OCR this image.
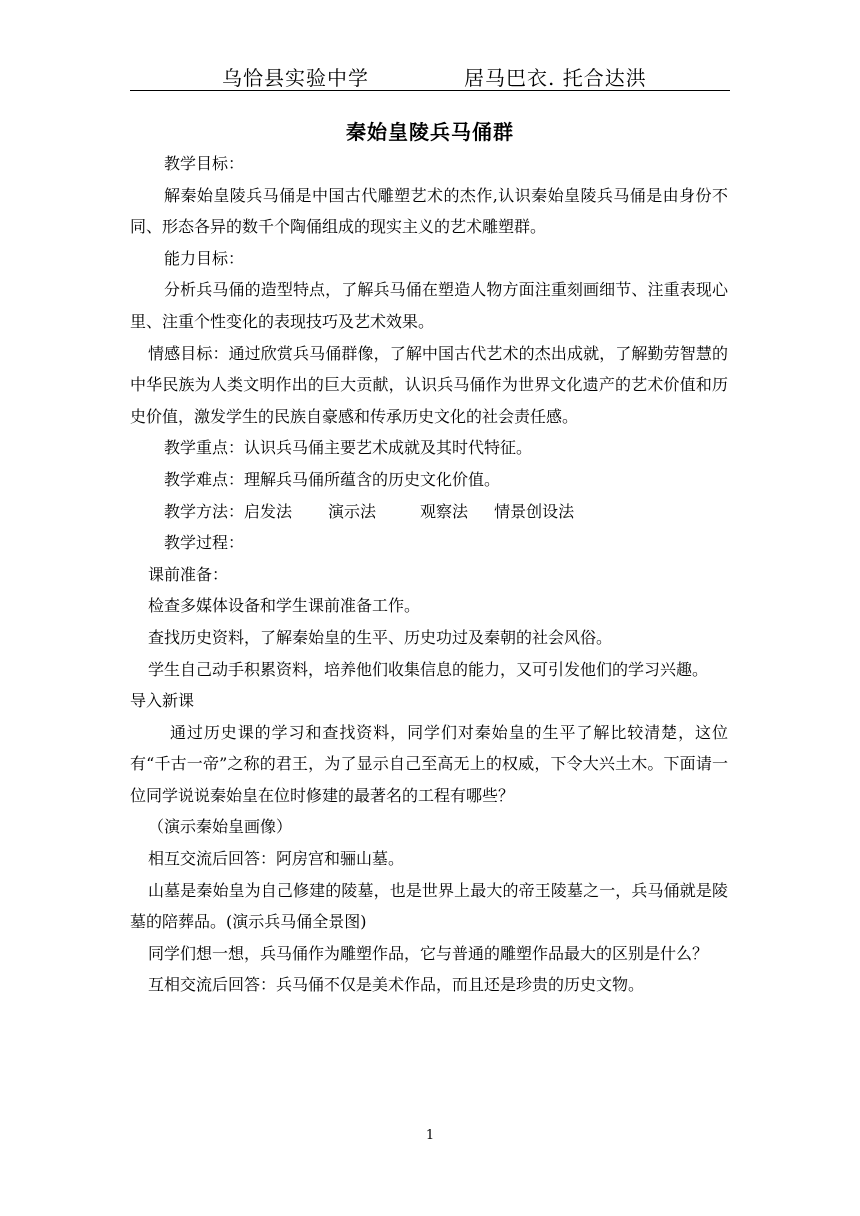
乌恰县实验中学	居马巴衣. 托合达洪
秦始皇陵兵马俑群

教学目标：

解秦始皇陵兵马俑是中国古代雕塑艺术的杰作,认识秦始皇陵兵马俑是由身份不同、形态各异的数千个陶俑组成的现实主义的艺术雕塑群。

能力目标：

分析兵马俑的造型特点，了解兵马俑在塑造人物方面注重刻画细节、注重表现心里、注重个性变化的表现技巧及艺术效果。

情感目标：通过欣赏兵马俑群像，了解中国古代艺术的杰出成就，了解勤劳智慧的中华民族为人类文明作出的巨大贡献，认识兵马俑作为世界文化遗产的艺术价值和历史价值，激发学生的民族自豪感和传承历史文化的社会责任感。

教学重点：认识兵马俑主要艺术成就及其时代特征。

教学难点：理解兵马俑所蕴含的历史文化价值。

教学方法：启发法 演示法	观察法 情景创设法

教学过程：

课前准备：

检查多媒体设备和学生课前准备工作。

查找历史资料，了解秦始皇的生平、历史功过及秦朝的社会风俗。

学生自己动手积累资料，培养他们收集信息的能力，又可引发他们的学习兴趣。

导入新课

通过历史课的学习和查找资料，同学们对秦始皇的生平了解比较清楚，这位有“千古一帝”之称的君王，为了显示自己至高无上的权威，下令大兴土木。下面请一位同学说说秦始皇在位时修建的最著名的工程有哪些？

（演示秦始皇画像）

相互交流后回答：阿房宫和骊山墓。

山墓是秦始皇为自己修建的陵墓，也是世界上最大的帝王陵墓之一，兵马俑就是陵墓的陪葬品。(演示兵马俑全景图)

同学们想一想，兵马俑作为雕塑作品，它与普通的雕塑作品最大的区别是什么？

互相交流后回答：兵马俑不仅是美术作品，而且还是珍贵的历史文物。

1
